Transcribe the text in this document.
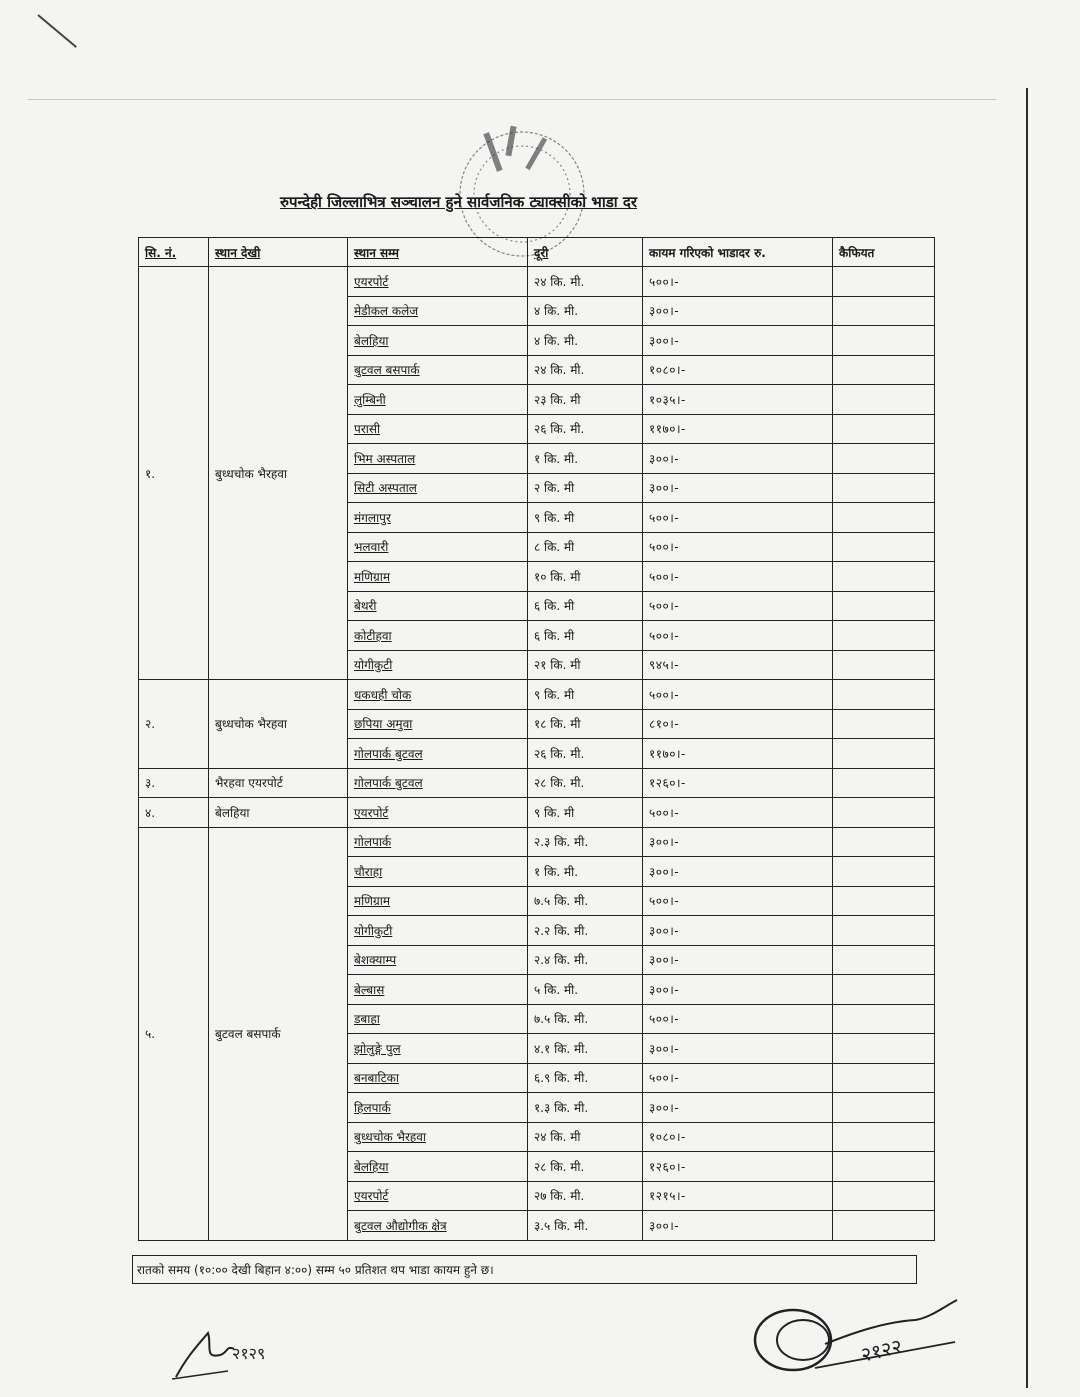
रुपन्देही जिल्लाभित्र सञ्चालन हुने सार्वजनिक ट्याक्सीको भाडा दर
सि. नं.	स्थान देखी	स्थान सम्म	दूरी	कायम गरिएको भाडादर रु.	कैफियत
१.	बुध्धचोक भैरहवा	एयरपोर्ट	२४ कि. मी.	५००।-	
		मेडीकल कलेज	४ कि. मी.	३००।-	
		बेलहिया	४ कि. मी.	३००।-	
		बुटवल बसपार्क	२४ कि. मी.	१०८०।-	
		लुम्बिनी	२३ कि. मी	१०३५।-	
		परासी	२६ कि. मी.	११७०।-	
		भिम अस्पताल	१ कि. मी.	३००।-	
		सिटी अस्पताल	२ कि. मी	३००।-	
		मंगलापुर	९ कि. मी	५००।-	
		भलवारी	८ कि. मी	५००।-	
		मणिग्राम	१० कि. मी	५००।-	
		बेथरी	६ कि. मी	५००।-	
		कोटीहवा	६ कि. मी	५००।-	
		योगीकुटी	२१ कि. मी	९४५।-	
२.	बुध्धचोक भैरहवा	धकधही चोक	९ कि. मी	५००।-	
		छपिया अमुवा	१८ कि. मी	८१०।-	
		गोलपार्क बुटवल	२६ कि. मी.	११७०।-	
३.	भैरहवा एयरपोर्ट	गोलपार्क बुटवल	२८ कि. मी.	१२६०।-	
४.	बेलहिया	एयरपोर्ट	९ कि. मी	५००।-	
५.	बुटवल बसपार्क	गोलपार्क	२.३ कि. मी.	३००।-	
		चौराहा	१ कि. मी.	३००।-	
		मणिग्राम	७.५ कि. मी.	५००।-	
		योगीकुटी	२.२ कि. मी.	३००।-	
		बेशक्याम्प	२.४ कि. मी.	३००।-	
		बेल्बास	५ कि. मी.	३००।-	
		डबाहा	७.५ कि. मी.	५००।-	
		झोलुङ्गे पुल	४.१ कि. मी.	३००।-	
		बनबाटिका	६.९ कि. मी.	५००।-	
		हिलपार्क	१.३ कि. मी.	३००।-	
		बुध्धचोक भैरहवा	२४ कि. मी	१०८०।-	
		बेलहिया	२८ कि. मी.	१२६०।-	
		एयरपोर्ट	२७ कि. मी.	१२१५।-	
		बुटवल औद्योगीक क्षेत्र	३.५ कि. मी.	३००।-	
रातको समय (१०:०० देखी बिहान ४:००) सम्म ५० प्रतिशत थप भाडा कायम हुने छ।
२१२९	२१२२
